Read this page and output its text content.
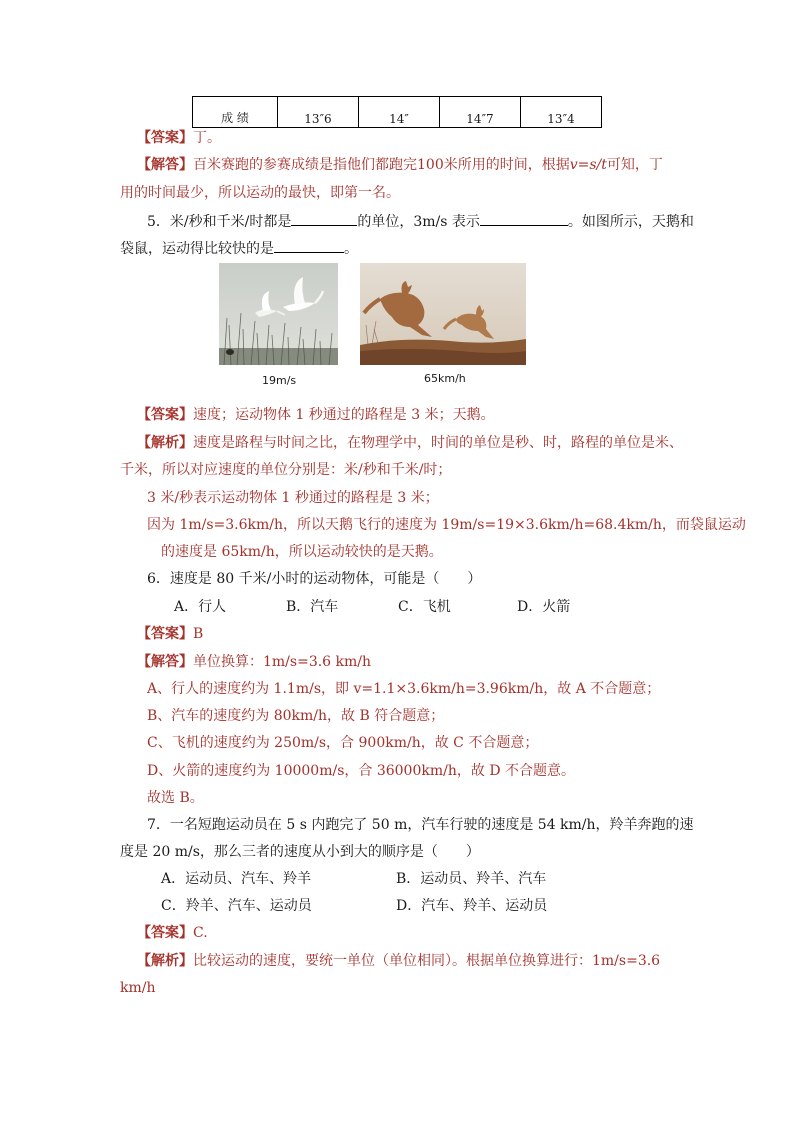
成 绩	13″6	14″	14″7	13″4
【答案】丁。
【解答】百米赛跑的参赛成绩是指他们都跑完100米所用的时间，根据v=s/t可知，丁
用的时间最少，所以运动的最快，即第一名。
5．米/秒和千米/时都是	的单位，3m/s 表示	。如图所示，天鹅和
袋鼠，运动得比较快的是	。
19m/s	65km/h
【答案】速度；运动物体 1 秒通过的路程是 3 米；天鹅。
【解析】速度是路程与时间之比，在物理学中，时间的单位是秒、时，路程的单位是米、
千米，所以对应速度的单位分别是：米/秒和千米/时；
3 米/秒表示运动物体 1 秒通过的路程是 3 米；
因为 1m/s=3.6km/h，所以天鹅飞行的速度为 19m/s=19×3.6km/h=68.4km/h，而袋鼠运动
的速度是 65km/h，所以运动较快的是天鹅。
6．速度是 80 千米/小时的运动物体，可能是（　　）
A．行人	B．汽车	C．飞机	D．火箭
【答案】B
【解答】单位换算：1m/s=3.6 km/h
A、行人的速度约为 1.1m/s，即 v=1.1×3.6km/h=3.96km/h，故 A 不合题意；
B、汽车的速度约为 80km/h，故 B 符合题意；
C、飞机的速度约为 250m/s，合 900km/h，故 C 不合题意；
D、火箭的速度约为 10000m/s，合 36000km/h，故 D 不合题意。
故选 B。
7．一名短跑运动员在 5 s 内跑完了 50 m，汽车行驶的速度是 54 km/h，羚羊奔跑的速
度是 20 m/s，那么三者的速度从小到大的顺序是（　　）
A．运动员、汽车、羚羊	B．运动员、羚羊、汽车
C．羚羊、汽车、运动员	D．汽车、羚羊、运动员
【答案】C.
【解析】比较运动的速度，要统一单位（单位相同）。根据单位换算进行：1m/s=3.6
km/h
